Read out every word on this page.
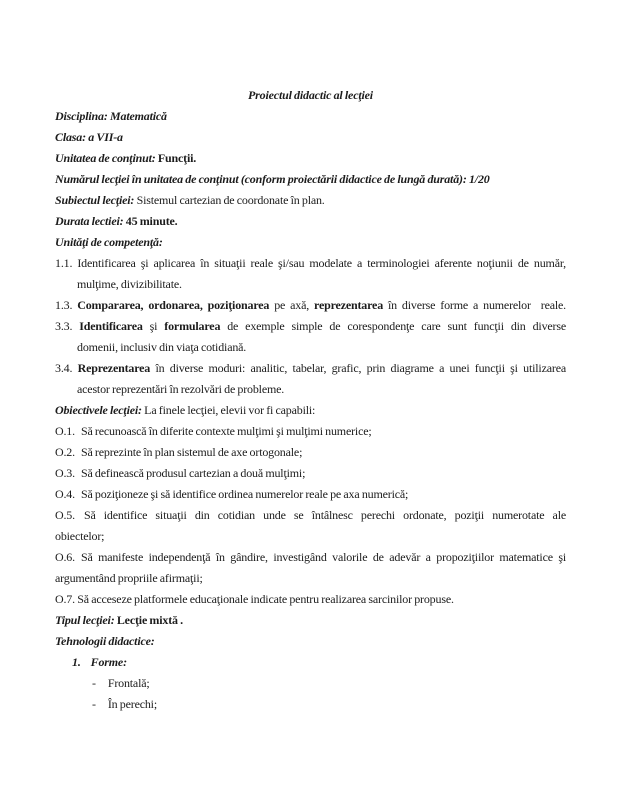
Proiectul didactic al lecţiei
Disciplina: Matematică
Clasa: a VII-a
Unitatea de conţinut: Funcţii.
Numărul lecţiei în unitatea de conţinut (conform proiectării didactice de lungă durată): 1/20
Subiectul lecţiei: Sistemul cartezian de coordonate în plan.
Durata lectiei: 45 minute.
Unităţi de competenţă:
1.1. Identificarea şi aplicarea în situaţii reale şi/sau modelate a terminologiei aferente noţiunii de număr,
mulţime, divizibilitate.
1.3. Compararea, ordonarea, poziţionarea pe axă, reprezentarea în diverse forme a numerelor  reale.
3.3. Identificarea şi formularea de exemple simple de corespondenţe care sunt funcţii din diverse
domenii, inclusiv din viaţa cotidiană.
3.4. Reprezentarea în diverse moduri: analitic, tabelar, grafic, prin diagrame a unei funcţii şi utilizarea
acestor reprezentări în rezolvări de probleme.
Obiectivele lecţiei: La finele lecţiei, elevii vor fi capabili:
O.1. Să recunoască în diferite contexte mulţimi şi mulţimi numerice;
O.2. Să reprezinte în plan sistemul de axe ortogonale;
O.3. Să definească produsul cartezian a două mulţimi;
O.4. Să poziţioneze şi să identifice ordinea numerelor reale pe axa numerică;
O.5. Să identifice situaţii din cotidian unde se întâlnesc perechi ordonate, poziţii numerotate ale
obiectelor;
O.6. Să manifeste independenţă în gândire, investigând valorile de adevăr a propoziţiilor matematice şi
argumentând propriile afirmaţii;
O.7. Să acceseze platformele educaţionale indicate pentru realizarea sarcinilor propuse.
Tipul lecţiei: Lecţie mixtă .
Tehnologii didactice:
1. Forme:
- Frontală;
- În perechi;
